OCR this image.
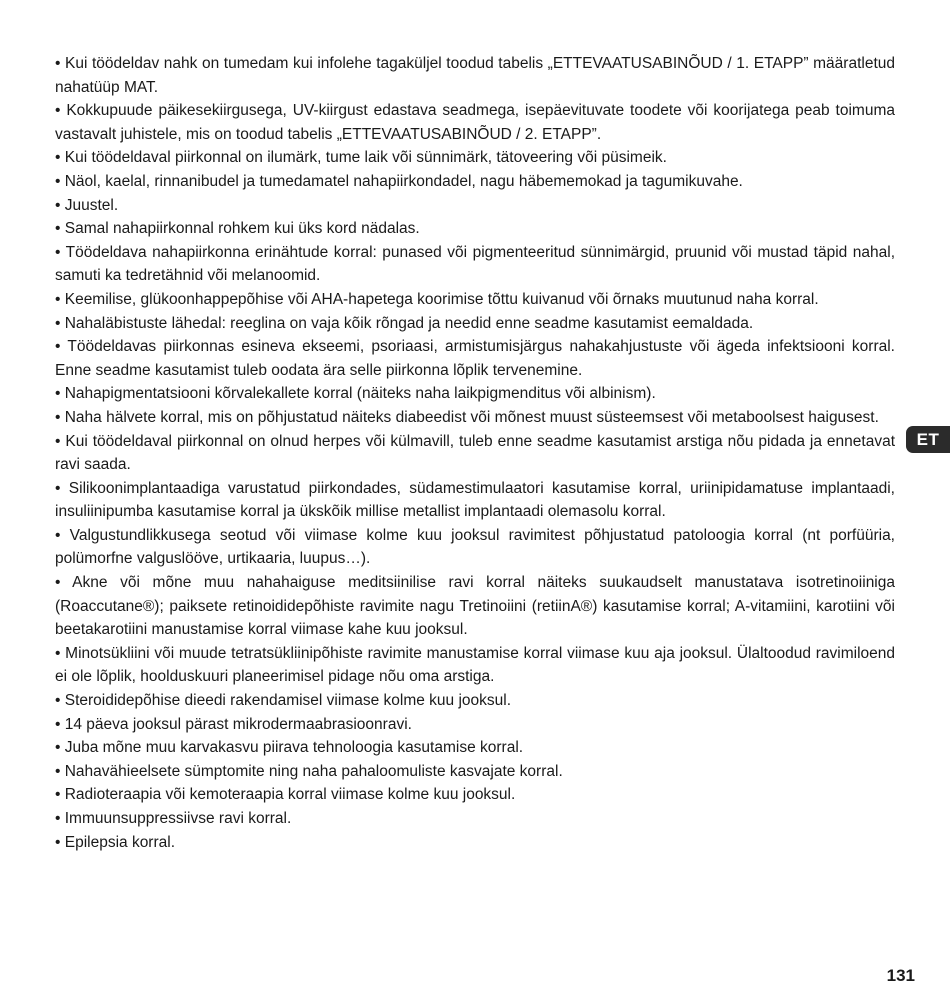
• Kui töödeldav nahk on tumedam kui infolehe tagaküljel toodud tabelis „ETTEVAATUSABINÕUD / 1. ETAPP” määratletud nahatüüp MAT.

• Kokkupuude päikesekiirgusega, UV-kiirgust edastava seadmega, isepäevituvate toodete või koorijatega peab toimuma vastavalt juhistele, mis on toodud tabelis „ETTEVAATUSABINÕUD / 2. ETAPP”.

• Kui töödeldaval piirkonnal on ilumärk, tume laik või sünnimärk, tätoveering või püsimeik.

• Näol, kaelal, rinnanibudel ja tumedamatel nahapiirkondadel, nagu häbememokad ja tagumikuvahe.

• Juustel.

• Samal nahapiirkonnal rohkem kui üks kord nädalas.

• Töödeldava nahapiirkonna erinähtude korral: punased või pigmenteeritud sünnimärgid, pruunid või mustad täpid nahal, samuti ka tedretähnid või melanoomid.

• Keemilise, glükoonhappepõhise või AHA-hapetega koorimise tõttu kuivanud või õrnaks muutunud naha korral.

• Nahaläbistuste lähedal: reeglina on vaja kõik rõngad ja needid enne seadme kasutamist eemaldada.

• Töödeldavas piirkonnas esineva ekseemi, psoriaasi, armistumisjärgus nahakahjustuste või ägeda infektsiooni korral. Enne seadme kasutamist tuleb oodata ära selle piirkonna lõplik tervenemine.

• Nahapigmentatsiooni kõrvalekallete korral (näiteks naha laikpigmenditus või albinism).

• Naha hälvete korral, mis on põhjustatud näiteks diabeedist või mõnest muust süsteemsest või metaboolsest haigusest.

• Kui töödeldaval piirkonnal on olnud herpes või külmavill, tuleb enne seadme kasutamist arstiga nõu pidada ja ennetavat ravi saada.

• Silikoonimplantaadiga varustatud piirkondades, südamestimulaatori kasutamise korral, uriinipidamatuse implantaadi, insuliinipumba kasutamise korral ja ükskõik millise metallist implantaadi olemasolu korral.

• Valgustundlikkusega seotud või viimase kolme kuu jooksul ravimitest põhjustatud patoloogia korral (nt porfüüria, polümorfne valguslööve, urtikaaria, luupus…).

• Akne või mõne muu nahahaiguse meditsiinilise ravi korral näiteks suukaudselt manustatava isotretinoiiniga (Roaccutane®); paiksete retinoididepõhiste ravimite nagu Tretinoiini (retiinA®) kasutamise korral; A-vitamiini, karotiini või beetakarotiini manustamise korral viimase kahe kuu jooksul.

• Minotsükliini või muude tetratsükliinipõhiste ravimite manustamise korral viimase kuu aja jooksul. Ülaltoodud ravimiloend ei ole lõplik, hoolduskuuri planeerimisel pidage nõu oma arstiga.

• Steroididepõhise dieedi rakendamisel viimase kolme kuu jooksul.

• 14 päeva jooksul pärast mikrodermaabrasioonravi.

• Juba mõne muu karvakasvu piirava tehnoloogia kasutamise korral.

• Nahavähieelsete sümptomite ning naha pahaloomuliste kasvajate korral.

• Radioteraapia või kemoteraapia korral viimase kolme kuu jooksul.

• Immuunsuppressiivse ravi korral.

• Epilepsia korral.

ET
131
